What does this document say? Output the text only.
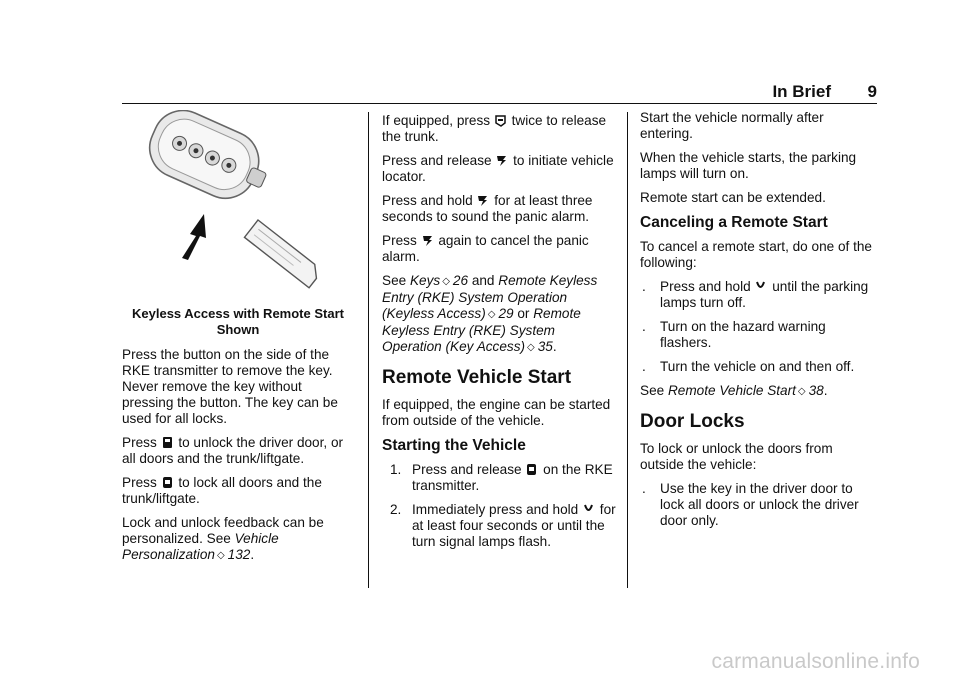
In Brief 9
Keyless Access with Remote Start
Shown

Press the button on the side of the RKE transmitter to remove the key. Never remove the key without pressing the button. The key can be used for all locks.

Press to unlock the driver door, or all doors and the trunk/liftgate.

Press to lock all doors and the trunk/liftgate.

Lock and unlock feedback can be personalized. See Vehicle Personalization ◇ 132.

If equipped, press twice to release the trunk.

Press and release to initiate vehicle locator.

Press and hold for at least three seconds to sound the panic alarm.

Press again to cancel the panic alarm.

See Keys ◇ 26 and Remote Keyless Entry (RKE) System Operation (Keyless Access) ◇ 29 or Remote Keyless Entry (RKE) System Operation (Key Access) ◇ 35.

Remote Vehicle Start

If equipped, the engine can be started from outside of the vehicle.

Starting the Vehicle
1. Press and release on the RKE transmitter.
2. Immediately press and hold for at least four seconds or until the turn signal lamps flash.

Start the vehicle normally after entering.

When the vehicle starts, the parking lamps will turn on.

Remote start can be extended.

Canceling a Remote Start

To cancel a remote start, do one of the following:

. Press and hold until the parking lamps turn off.
. Turn on the hazard warning flashers.
. Turn the vehicle on and then off.

See Remote Vehicle Start ◇ 38.

Door Locks

To lock or unlock the doors from outside the vehicle:

. Use the key in the driver door to lock all doors or unlock the driver door only.
carmanualsonline.info
